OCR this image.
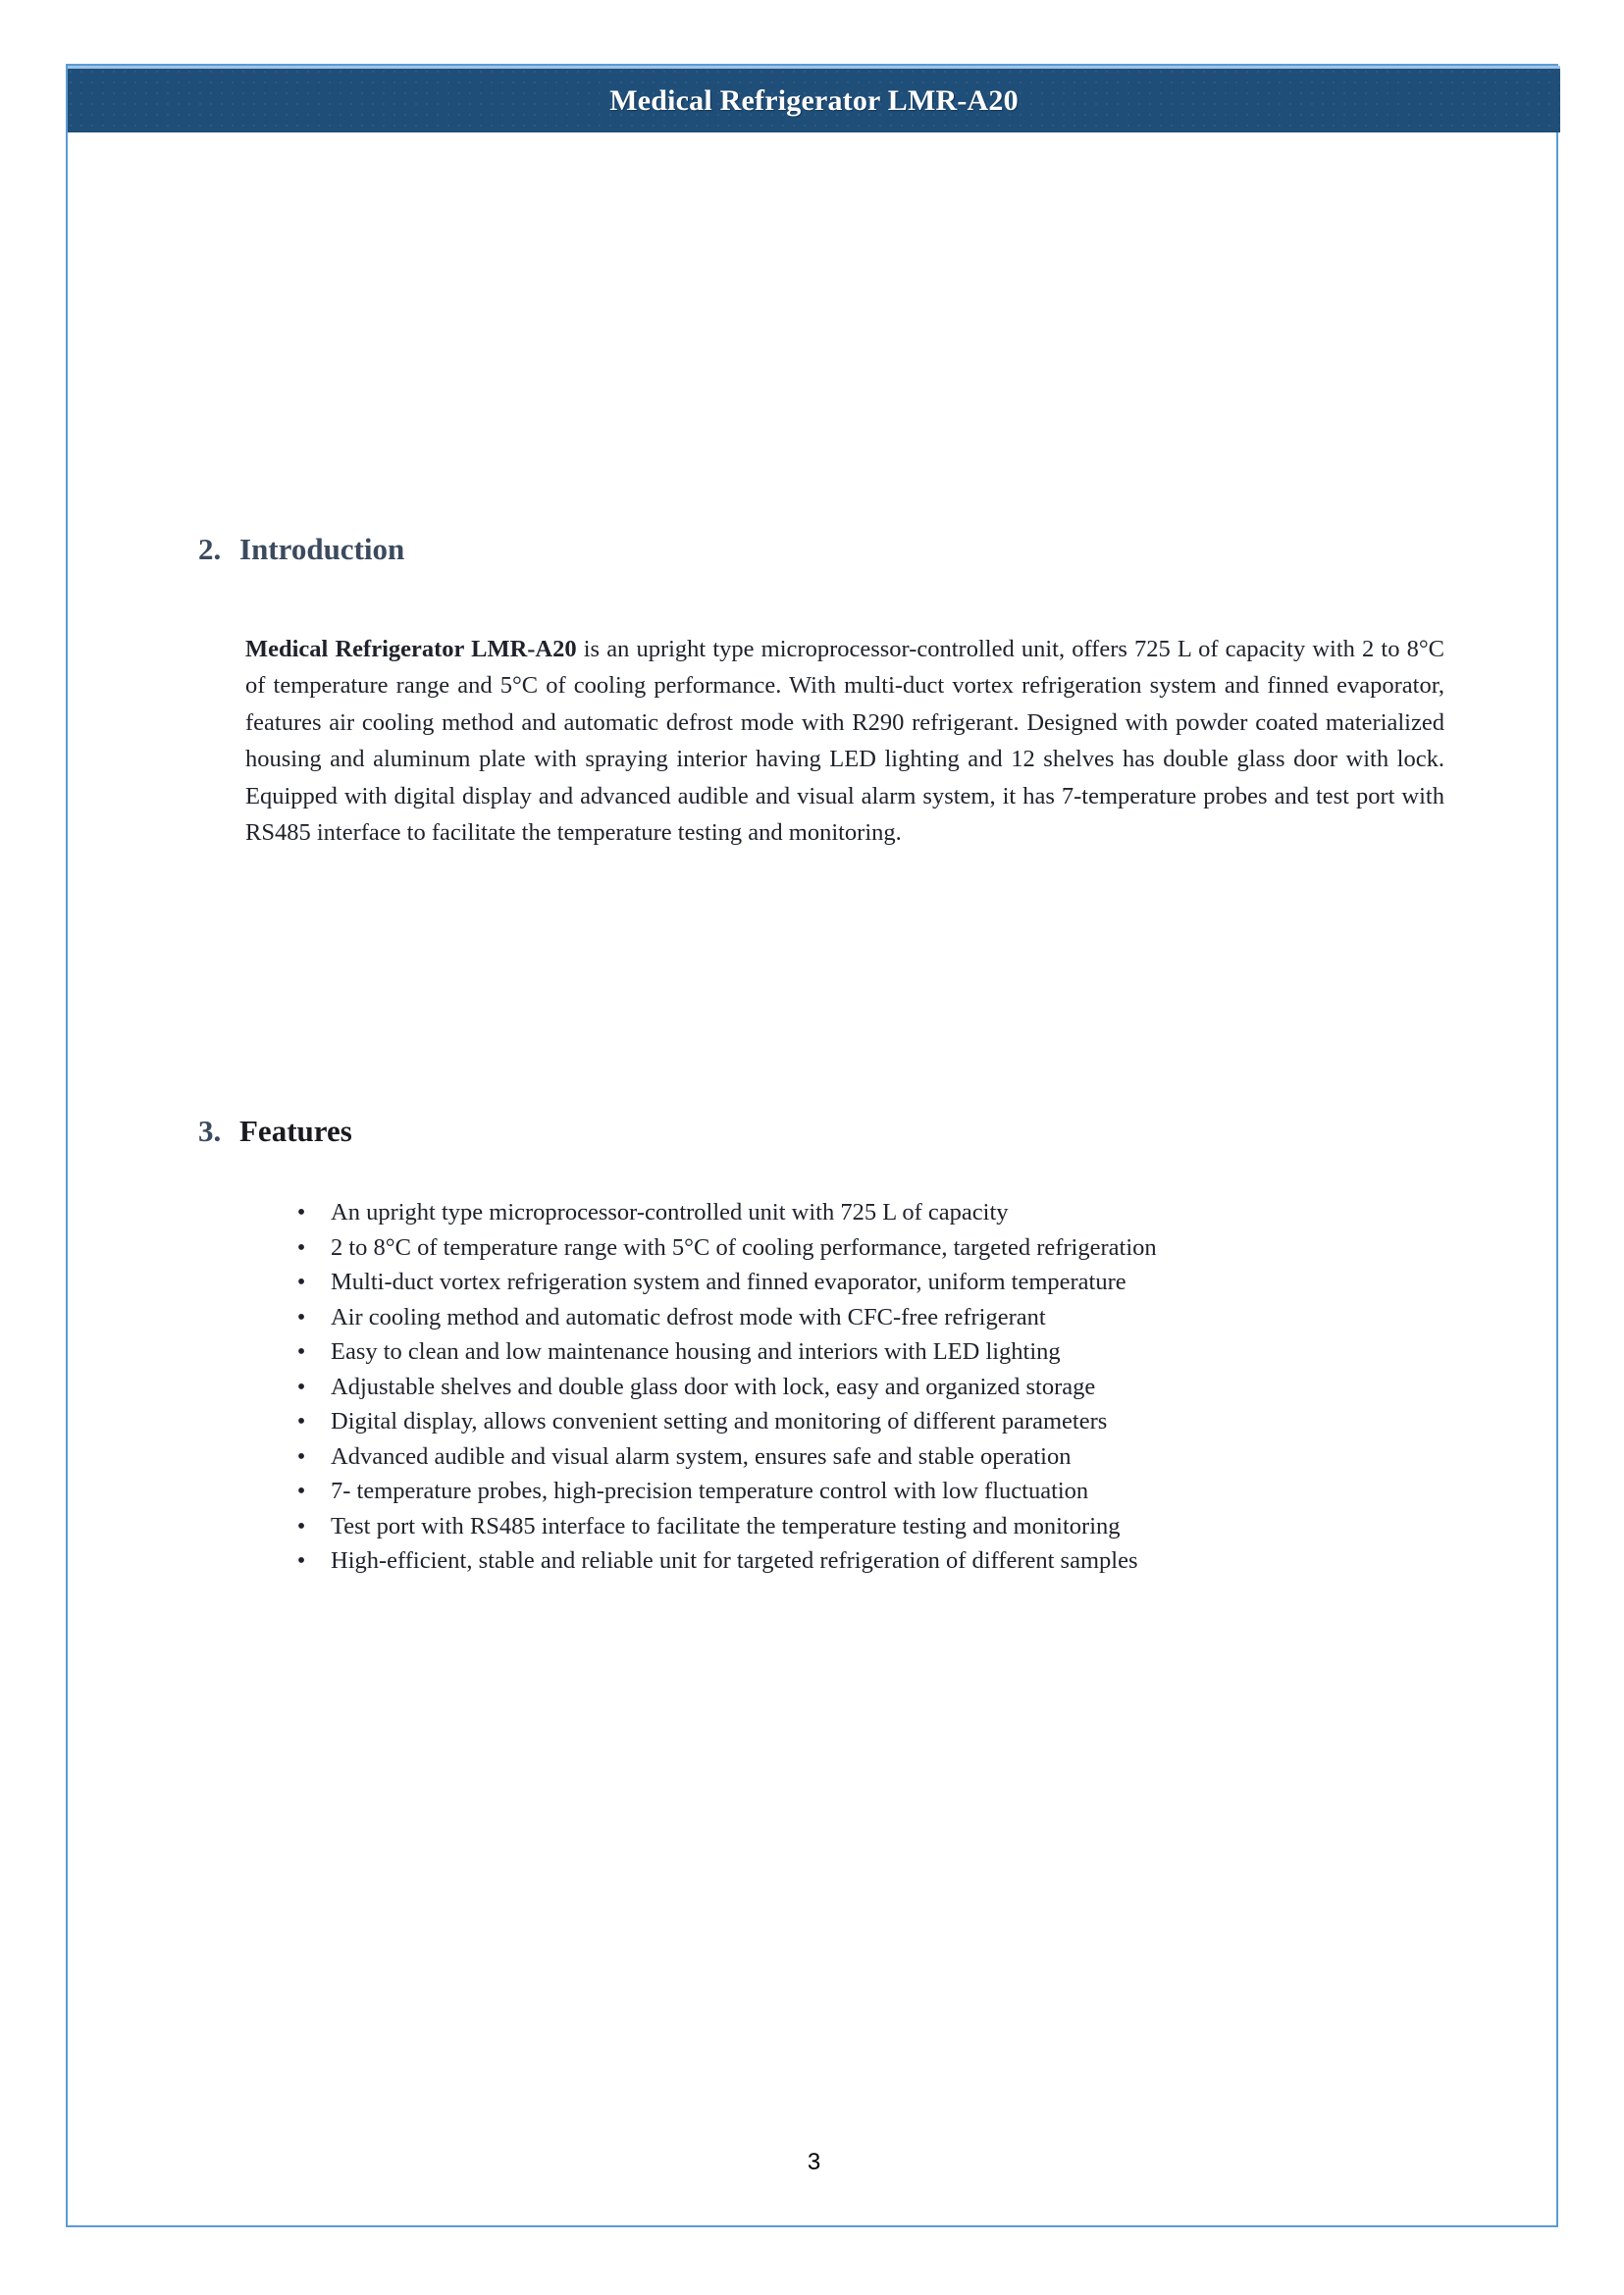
Medical Refrigerator LMR-A20
2. Introduction

Medical Refrigerator LMR-A20 is an upright type microprocessor-controlled unit, offers 725 L of capacity with 2 to 8°C of temperature range and 5°C of cooling performance. With multi-duct vortex refrigeration system and finned evaporator, features air cooling method and automatic defrost mode with R290 refrigerant. Designed with powder coated materialized housing and aluminum plate with spraying interior having LED lighting and 12 shelves has double glass door with lock. Equipped with digital display and advanced audible and visual alarm system, it has 7-temperature probes and test port with RS485 interface to facilitate the temperature testing and monitoring.

3. Features
• An upright type microprocessor-controlled unit with 725 L of capacity
• 2 to 8°C of temperature range with 5°C of cooling performance, targeted refrigeration
• Multi-duct vortex refrigeration system and finned evaporator, uniform temperature
• Air cooling method and automatic defrost mode with CFC-free refrigerant
• Easy to clean and low maintenance housing and interiors with LED lighting
• Adjustable shelves and double glass door with lock, easy and organized storage
• Digital display, allows convenient setting and monitoring of different parameters
• Advanced audible and visual alarm system, ensures safe and stable operation
• 7- temperature probes, high-precision temperature control with low fluctuation
• Test port with RS485 interface to facilitate the temperature testing and monitoring
• High-efficient, stable and reliable unit for targeted refrigeration of different samples
3
